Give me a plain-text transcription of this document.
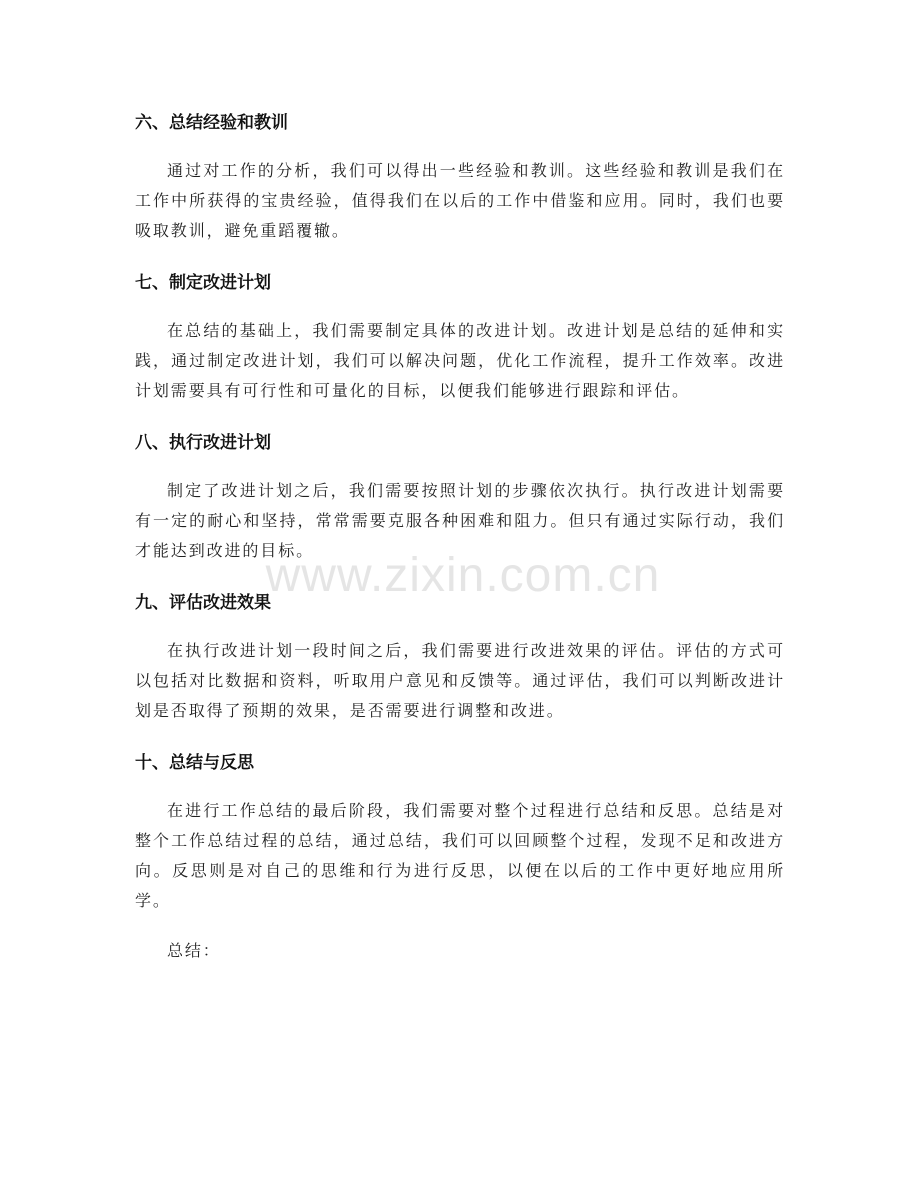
六、总结经验和教训

通过对工作的分析，我们可以得出一些经验和教训。这些经验和教训是我们在工作中所获得的宝贵经验，值得我们在以后的工作中借鉴和应用。同时，我们也要吸取教训，避免重蹈覆辙。

七、制定改进计划

在总结的基础上，我们需要制定具体的改进计划。改进计划是总结的延伸和实践，通过制定改进计划，我们可以解决问题，优化工作流程，提升工作效率。改进计划需要具有可行性和可量化的目标，以便我们能够进行跟踪和评估。

八、执行改进计划

制定了改进计划之后，我们需要按照计划的步骤依次执行。执行改进计划需要有一定的耐心和坚持，常常需要克服各种困难和阻力。但只有通过实际行动，我们才能达到改进的目标。

九、评估改进效果

在执行改进计划一段时间之后，我们需要进行改进效果的评估。评估的方式可以包括对比数据和资料，听取用户意见和反馈等。通过评估，我们可以判断改进计划是否取得了预期的效果，是否需要进行调整和改进。

十、总结与反思

在进行工作总结的最后阶段，我们需要对整个过程进行总结和反思。总结是对整个工作总结过程的总结，通过总结，我们可以回顾整个过程，发现不足和改进方向。反思则是对自己的思维和行为进行反思，以便在以后的工作中更好地应用所学。

总结：

www.zixin.com.cn
